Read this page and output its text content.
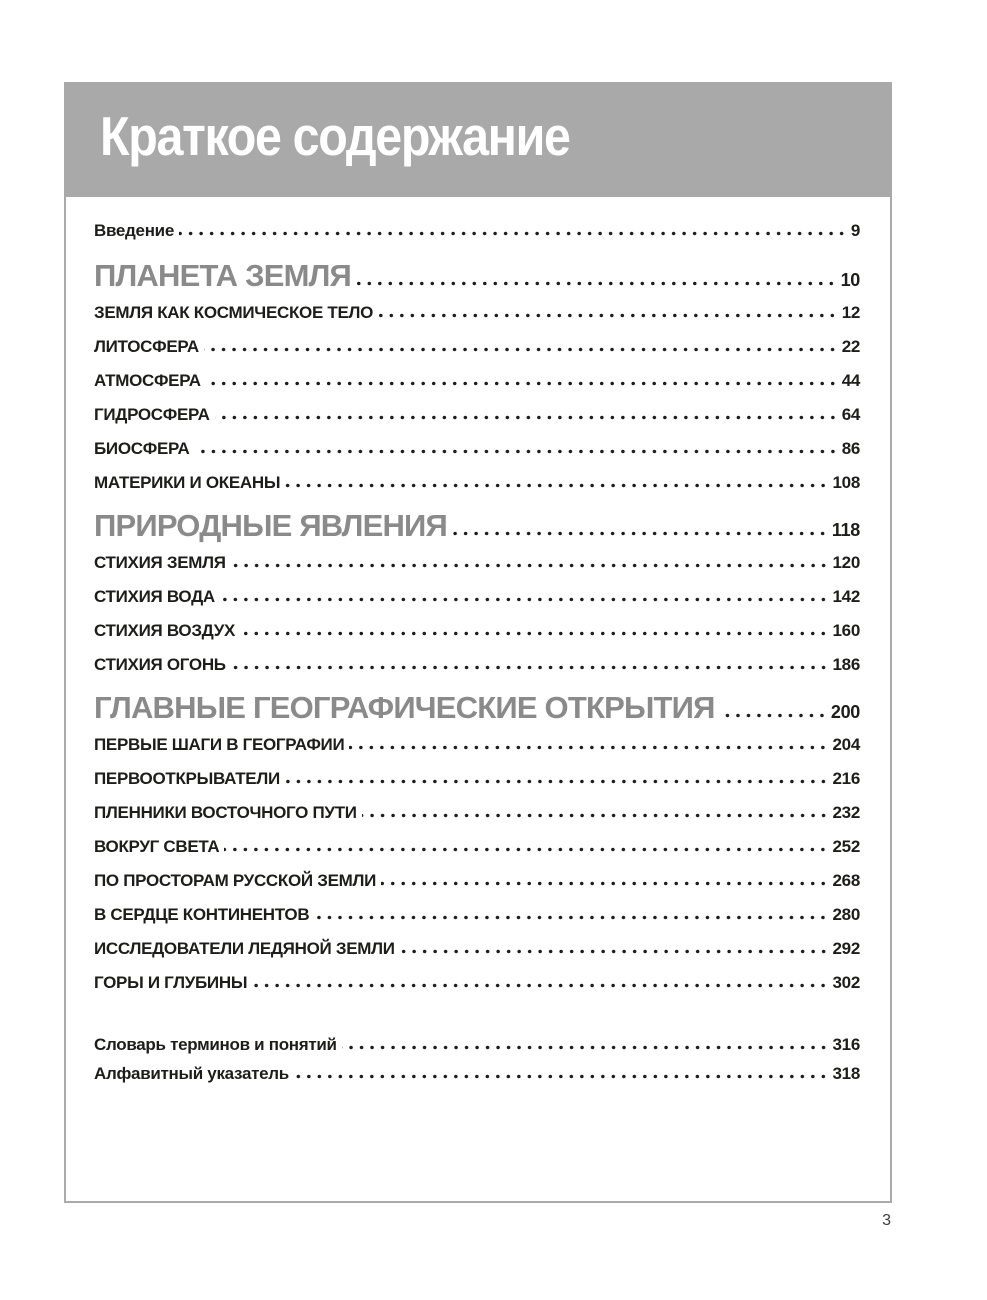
Краткое содержание
Введение	9
ПЛАНЕТА ЗЕМЛЯ	10
ЗЕМЛЯ КАК КОСМИЧЕСКОЕ ТЕЛО	12
ЛИТОСФЕРА	22
АТМОСФЕРА	44
ГИДРОСФЕРА	64
БИОСФЕРА	86
МАТЕРИКИ И ОКЕАНЫ	108
ПРИРОДНЫЕ ЯВЛЕНИЯ	118
СТИХИЯ ЗЕМЛЯ	120
СТИХИЯ ВОДА	142
СТИХИЯ ВОЗДУХ	160
СТИХИЯ ОГОНЬ	186
ГЛАВНЫЕ ГЕОГРАФИЧЕСКИЕ ОТКРЫТИЯ	200
ПЕРВЫЕ ШАГИ В ГЕОГРАФИИ	204
ПЕРВООТКРЫВАТЕЛИ	216
ПЛЕННИКИ ВОСТОЧНОГО ПУТИ	232
ВОКРУГ СВЕТА	252
ПО ПРОСТОРАМ РУССКОЙ ЗЕМЛИ	268
В СЕРДЦЕ КОНТИНЕНТОВ	280
ИССЛЕДОВАТЕЛИ ЛЕДЯНОЙ ЗЕМЛИ	292
ГОРЫ И ГЛУБИНЫ	302
Словарь терминов и понятий	316
Алфавитный указатель	318
3
